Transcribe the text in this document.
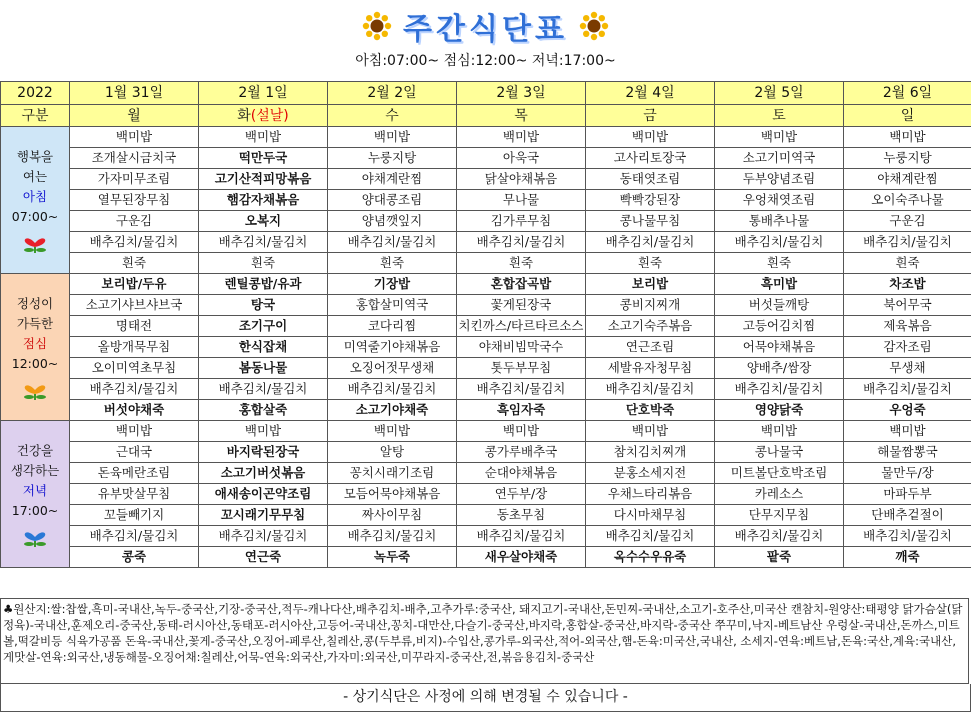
주간식단표
아침:07:00~ 점심:12:00~ 저녁:17:00~
2022	1월 31일	2월 1일	2월 2일	2월 3일	2월 4일	2월 5일	2월 6일
구분	월	화(설날)	수	목	금	토	일

행복을
여는
아침
07:00~	백미밥	백미밥	백미밥	백미밥	백미밥	백미밥	백미밥
	조개살시금치국	떡만두국	누룽지탕	아욱국	고사리토장국	소고기미역국	누룽지탕
	가자미무조림	고기산적피망볶음	야채계란찜	닭살야채볶음	동태엿조림	두부양념조림	야채계란찜
	열무된장무침	햄감자채볶음	양대콩조림	무나물	빡빡강된장	우엉채엿조림	오이숙주나물
	구운김	오복지	양념깻잎지	김가루무침	콩나물무침	통배추나물	구운김
	배추김치/물김치	배추김치/물김치	배추김치/물김치	배추김치/물김치	배추김치/물김치	배추김치/물김치	배추김치/물김치
	흰죽	흰죽	흰죽	흰죽	흰죽	흰죽	흰죽

정성이
가득한
점심
12:00~	보리밥/두유	렌틸콩밥/유과	기장밥	혼합잡곡밥	보리밥	흑미밥	차조밥
	소고기샤브샤브국	탕국	홍합살미역국	꽃게된장국	콩비지찌개	버섯들깨탕	북어무국
	명태전	조기구이	코다리찜	치킨까스/타르타르소스	소고기숙주볶음	고등어김치찜	제육볶음
	올방개묵무침	한식잡채	미역줄기야채볶음	야채비빔막국수	연근조림	어묵야채볶음	감자조림
	오이미역초무침	봄동나물	오징어젓무생채	톳두부무침	세발유자청무침	양배추/쌈장	무생채
	배추김치/물김치	배추김치/물김치	배추김치/물김치	배추김치/물김치	배추김치/물김치	배추김치/물김치	배추김치/물김치
	버섯야채죽	홍합살죽	소고기야채죽	흑임자죽	단호박죽	영양닭죽	우엉죽

건강을
생각하는
저녁
17:00~	백미밥	백미밥	백미밥	백미밥	백미밥	백미밥	백미밥
	근대국	바지락된장국	알탕	콩가루배추국	참치김치찌개	콩나물국	해물짬뽕국
	돈육메란조림	소고기버섯볶음	꽁치시래기조림	순대야채볶음	분홍소세지전	미트볼단호박조림	물만두/장
	유부맛살무침	애새송이곤약조림	모듬어묵야채볶음	연두부/장	우채느타리볶음	카레소스	마파두부
	꼬들빼기지	꼬시래기무무침	짜사이무침	동초무침	다시마채무침	단무지무침	단배추겉절이
	배추김치/물김치	배추김치/물김치	배추김치/물김치	배추김치/물김치	배추김치/물김치	배추김치/물김치	배추김치/물김치
	콩죽	연근죽	녹두죽	새우살야채죽	옥수수우유죽	팥죽	깨죽
♣원산지:쌀:찹쌀,흑미-국내산,녹두-중국산,기장-중국산,적두-캐나다산,배추김치-배추,고추가루:중국산, 돼지고기-국내산,돈민찌-국내산,소고기-호주산,미국산 캔참치-원양산:태평양 닭가슴살(닭정육)-국내산,훈제오리-중국산,동태-러시아산,동태포-러시아산,고등어-국내산,꽁치-대만산,다슬기-중국산,바지락,홍합살-중국산,바지락-중국산 쭈꾸미,낙지-베트남산 우렁살-국내산,돈까스,미트볼,떡갈비등 식육가공품 돈육-국내산,꽃게-중국산,오징어-페루산,칠레산,콩(두부류,비지)-수입산,콩가루-외국산,적어-외국산,햄-돈육:미국산,국내산, 소세지-연육:베트남,돈육:국산,계육:국내산,게맛살-연육:외국산,냉동해물-오징어채:칠레산,어묵-연육:외국산,가자미:외국산,미꾸라지-중국산,전,볶음용김치-중국산
- 상기식단은 사정에 의해 변경될 수 있습니다 -
